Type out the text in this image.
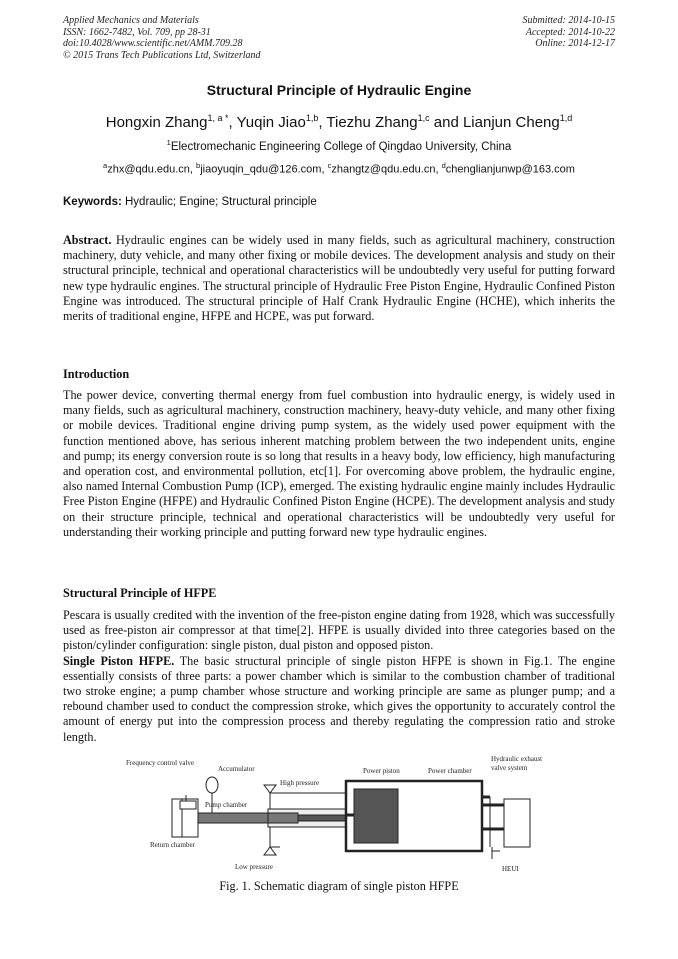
Applied Mechanics and Materials
ISSN: 1662-7482, Vol. 709, pp 28-31
doi:10.4028/www.scientific.net/AMM.709.28
© 2015 Trans Tech Publications Ltd, Switzerland
Submitted: 2014-10-15
Accepted: 2014-10-22
Online: 2014-12-17
Structural Principle of Hydraulic Engine
Hongxin Zhang$^{1, a *}$, Yuqin Jiao$^{1,b}$, Tiezhu Zhang$^{1,c}$ and Lianjun Cheng$^{1,d}$
$^1$Electromechanic Engineering College of Qingdao University, China
$^a$zhx@qdu.edu.cn, $^b$jiaoyuqin_qdu@126.com, $^c$zhangtz@qdu.edu.cn, $^d$chenglianjunwp@163.com
Keywords: Hydraulic; Engine; Structural principle
Abstract. Hydraulic engines can be widely used in many fields, such as agricultural machinery, construction machinery, duty vehicle, and many other fixing or mobile devices. The development analysis and study on their structural principle, technical and operational characteristics will be undoubtedly very useful for putting forward new type hydraulic engines. The structural principle of Hydraulic Free Piston Engine, Hydraulic Confined Piston Engine was introduced. The structural principle of Half Crank Hydraulic Engine (HCHE), which inherits the merits of traditional engine, HFPE and HCPE, was put forward.
Introduction
The power device, converting thermal energy from fuel combustion into hydraulic energy, is widely used in many fields, such as agricultural machinery, construction machinery, heavy-duty vehicle, and many other fixing or mobile devices. Traditional engine driving pump system, as the widely used power equipment with the function mentioned above, has serious inherent matching problem between the two independent units, engine and pump; its energy conversion route is so long that results in a heavy body, low efficiency, high manufacturing and operation cost, and environmental pollution, etc[1]. For overcoming above problem, the hydraulic engine, also named Internal Combustion Pump (ICP), emerged. The existing hydraulic engine mainly includes Hydraulic Free Piston Engine (HFPE) and Hydraulic Confined Piston Engine (HCPE). The development analysis and study on their structure principle, technical and operational characteristics will be undoubtedly very useful for understanding their working principle and putting forward new type hydraulic engines.
Structural Principle of HFPE
Pescara is usually credited with the invention of the free-piston engine dating from 1928, which was successfully used as free-piston air compressor at that time[2]. HFPE is usually divided into three categories based on the piston/cylinder configuration: single piston, dual piston and opposed piston.
Single Piston HFPE. The basic structural principle of single piston HFPE is shown in Fig.1. The engine essentially consists of three parts: a power chamber which is similar to the combustion chamber of traditional two stroke engine; a pump chamber whose structure and working principle are same as plunger pump; and a rebound chamber used to conduct the compression stroke, which gives the opportunity to accurately control the amount of energy put into the compression process and thereby regulating the compression ratio and stroke length.
Frequency control valve
Accumulator
High pressure
Power piston	Power chamber
Hydraulic exhaust
valve system
Pump chamber
Return chamber
Low pressure	HEUI
Fig. 1. Schematic diagram of single piston HFPE
